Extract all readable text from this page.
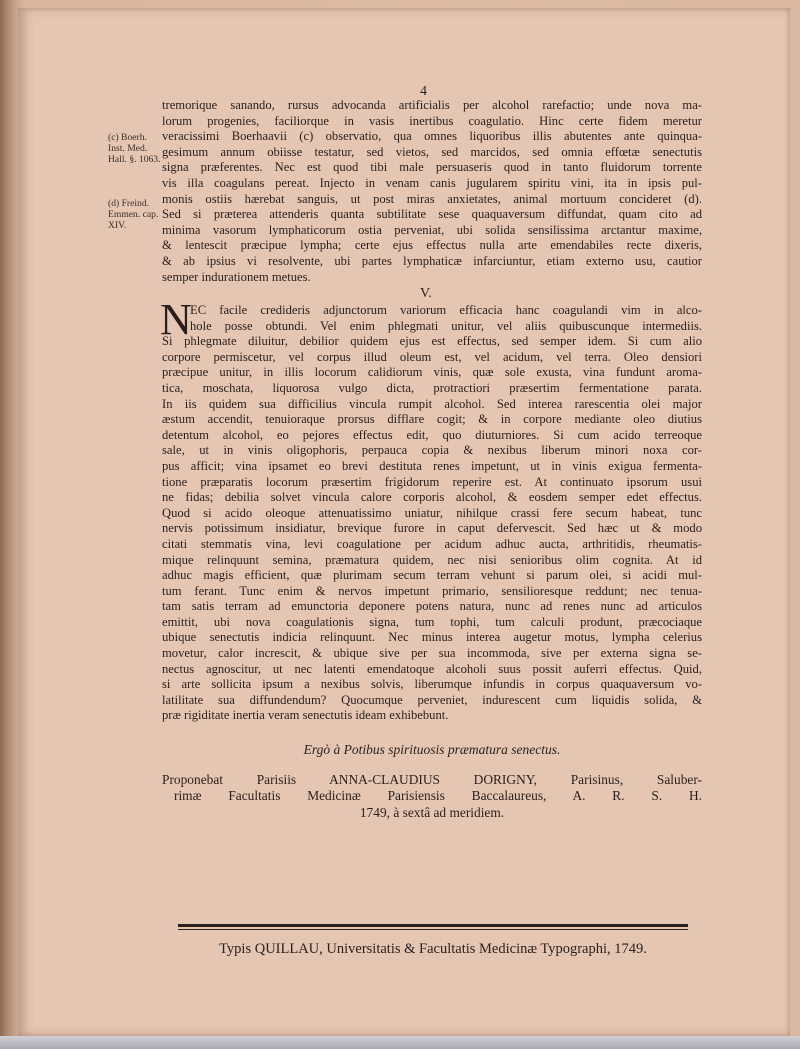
4
(c) Boerh.
Inst. Med.
Hall. §. 1063.
(d) Freind.
Emmen. cap.
XIV.
tremorique sanando, rursus advocanda artificialis per alcohol rarefactio; unde nova ma-
lorum progenies, faciliorque in vasis inertibus coagulatio. Hinc certe fidem meretur
veracissimi Boerhaavii (c) observatio, qua omnes liquoribus illis abutentes ante quinqua-
gesimum annum obiisse testatur, sed vietos, sed marcidos, sed omnia effœtæ senectutis
signa præferentes. Nec est quod tibi male persuaseris quod in tanto fluidorum torrente
vis illa coagulans pereat. Injecto in venam canis jugularem spiritu vini, ita in ipsis pul-
monis ostiis hærebat sanguis, ut post miras anxietates, animal mortuum concideret (d).
Sed si præterea attenderis quanta subtilitate sese quaquaversum diffundat, quam cito ad
minima vasorum lymphaticorum ostia perveniat, ubi solida sensilissima arctantur maxime,
& lentescit præcipue lympha; certe ejus effectus nulla arte emendabiles recte dixeris,
& ab ipsius vi resolvente, ubi partes lymphaticæ infarciuntur, etiam externo usu, cautior
semper indurationem metues.
V.
N
EC facile credideris adjunctorum variorum efficacia hanc coagulandi vim in alco-
hole posse obtundi. Vel enim phlegmati unitur, vel aliis quibuscunque intermediis.
Si phlegmate diluitur, debilior quidem ejus est effectus, sed semper idem. Si cum alio
corpore permiscetur, vel corpus illud oleum est, vel acidum, vel terra. Oleo densiori
præcipue unitur, in illis locorum calidiorum vinis, quæ sole exusta, vina fundunt aroma-
tica, moschata, liquorosa vulgo dicta, protractiori præsertim fermentatione parata.
In iis quidem sua difficilius vincula rumpit alcohol. Sed interea rarescentia olei major
æstum accendit, tenuioraque prorsus difflare cogit; & in corpore mediante oleo diutius
detentum alcohol, eo pejores effectus edit, quo diuturniores. Si cum acido terreoque
sale, ut in vinis oligophoris, perpauca copia & nexibus liberum minori noxa cor-
pus afficit; vina ipsamet eo brevi destituta renes impetunt, ut in vinis exigua fermenta-
tione præparatis locorum præsertim frigidorum reperire est. At continuato ipsorum usui
ne fidas; debilia solvet vincula calore corporis alcohol, & eosdem semper edet effectus.
Quod si acido oleoque attenuatissimo uniatur, nihilque crassi fere secum habeat, tunc
nervis potissimum insidiatur, brevique furore in caput defervescit. Sed hæc ut & modo
citati stemmatis vina, levi coagulatione per acidum adhuc aucta, arthritidis, rheumatis-
mique relinquunt semina, præmatura quidem, nec nisi senioribus olim cognita. At id
adhuc magis efficient, quæ plurimam secum terram vehunt si parum olei, si acidi mul-
tum ferant. Tunc enim & nervos impetunt primario, sensilioresque reddunt; nec tenua-
tam satis terram ad emunctoria deponere potens natura, nunc ad renes nunc ad articulos
emittit, ubi nova coagulationis signa, tum tophi, tum calculi produnt, præcociaque
ubique senectutis indicia relinquunt. Nec minus interea augetur motus, lympha celerius
movetur, calor increscit, & ubique sive per sua incommoda, sive per externa signa se-
nectus agnoscitur, ut nec latenti emendatoque alcoholi suus possit auferri effectus. Quid,
si arte sollicita ipsum a nexibus solvis, liberumque infundis in corpus quaquaversum vo-
latilitate sua diffundendum? Quocumque perveniet, indurescent cum liquidis solida, &
præ rigiditate inertia veram senectutis ideam exhibebunt.
Ergò à Potibus spirituosis præmatura senectus.
Proponebat Parisiis ANNA-CLAUDIUS DORIGNY, Parisinus, Saluber-
rimæ Facultatis Medicinæ Parisiensis Baccalaureus, A. R. S. H.
1749, à sextâ ad meridiem.
Typis QUILLAU, Universitatis & Facultatis Medicinæ Typographi, 1749.
